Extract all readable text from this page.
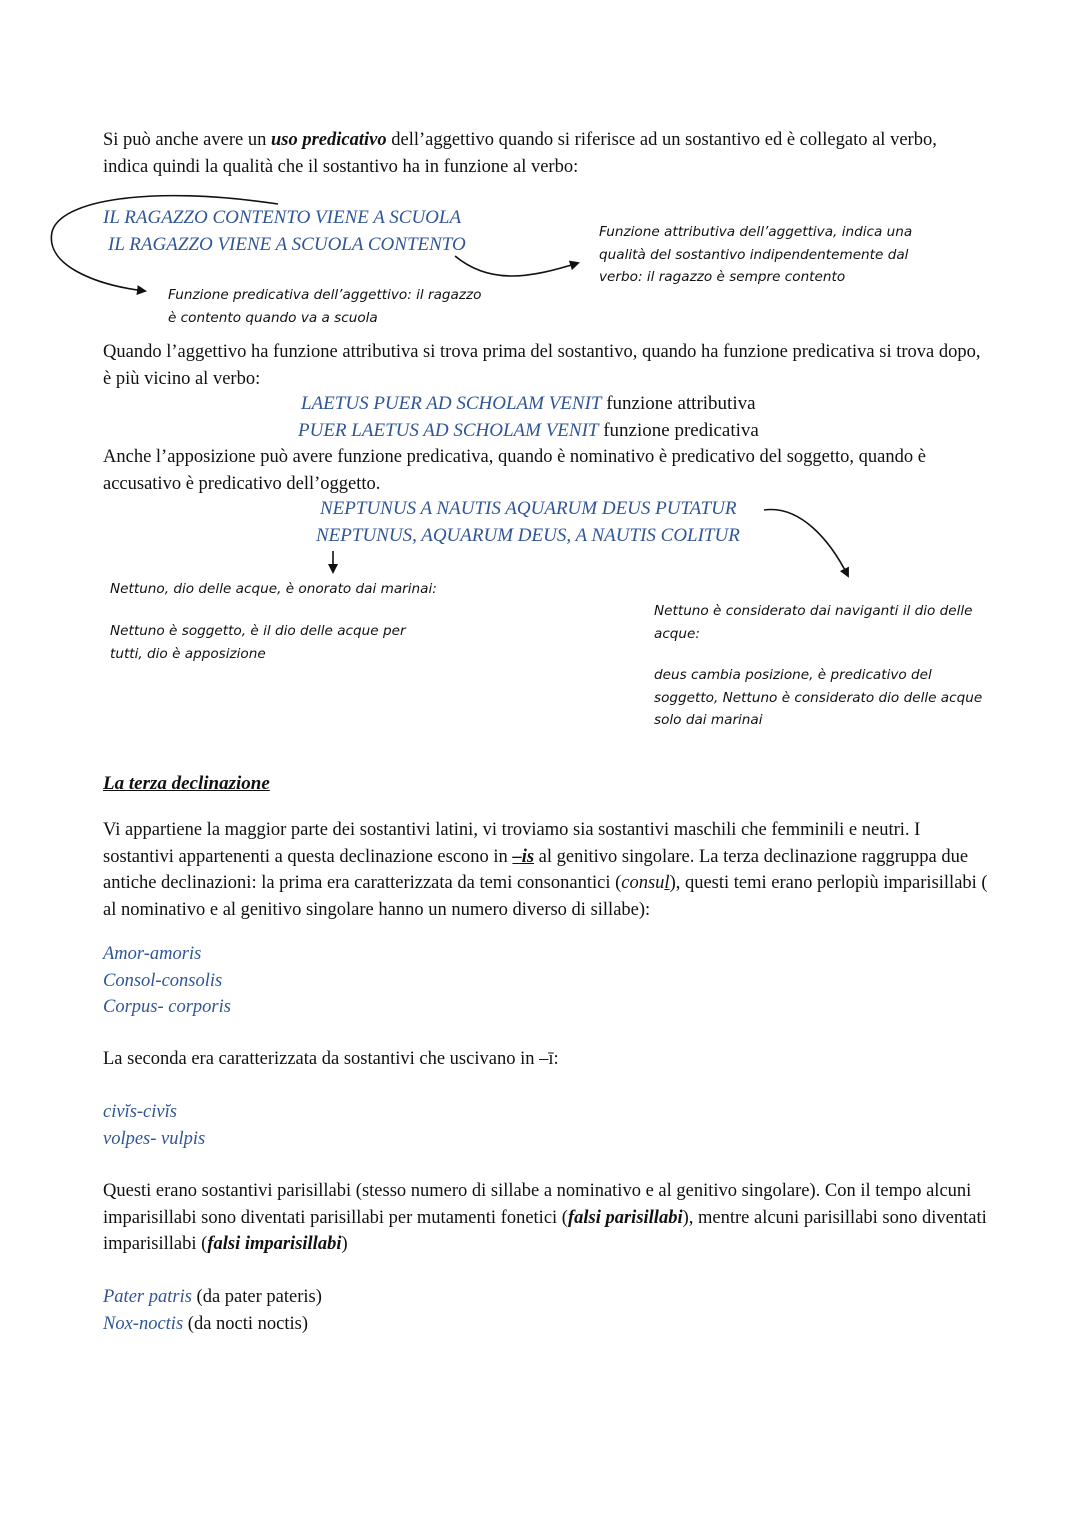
Si può anche avere un uso predicativo dell’aggettivo quando si riferisce ad un sostantivo ed è collegato al verbo, indica quindi la qualità che il sostantivo ha in funzione al verbo:
IL RAGAZZO CONTENTO VIENE A SCUOLA
IL RAGAZZO VIENE A SCUOLA CONTENTO
Funzione predicativa dell’aggettivo: il ragazzo è contento quando va a scuola
Funzione attributiva dell’aggettiva, indica una qualità del sostantivo indipendentemente dal verbo: il ragazzo è sempre contento
Quando l’aggettivo ha funzione attributiva si trova prima del sostantivo, quando ha funzione predicativa si trova dopo, è più vicino al verbo:
LAETUS PUER AD SCHOLAM VENIT funzione attributiva
PUER LAETUS AD SCHOLAM VENIT funzione predicativa
Anche l’apposizione può avere funzione predicativa, quando è nominativo è predicativo del soggetto, quando è accusativo è predicativo dell’oggetto.
NEPTUNUS A NAUTIS AQUARUM DEUS PUTATUR
NEPTUNUS, AQUARUM DEUS, A NAUTIS COLITUR
Nettuno, dio delle acque, è onorato dai marinai:
Nettuno è soggetto, è il dio delle acque per tutti, dio è apposizione
Nettuno è considerato dai naviganti il dio delle acque:
deus cambia posizione, è predicativo del soggetto, Nettuno è considerato dio delle acque solo dai marinai
La terza declinazione
Vi appartiene la maggior parte dei sostantivi latini, vi troviamo sia sostantivi maschili che femminili e neutri. I sostantivi appartenenti a questa declinazione escono in –is al genitivo singolare. La terza declinazione raggruppa due antiche declinazioni: la prima era caratterizzata da temi consonantici (consul), questi temi erano perlopiù imparisillabi ( al nominativo e al genitivo singolare hanno un numero diverso di sillabe):
Amor-amoris
Consol-consolis
Corpus- corporis
La seconda era caratterizzata da sostantivi che uscivano in –ī:
civĭs-civĭs
volpes- vulpis
Questi erano sostantivi parisillabi (stesso numero di sillabe a nominativo e al genitivo singolare). Con il tempo alcuni imparisillabi sono diventati parisillabi per mutamenti fonetici (falsi parisillabi), mentre alcuni parisillabi sono diventati imparisillabi (falsi imparisillabi)
Pater patris (da pater pateris)
Nox-noctis (da nocti noctis)
